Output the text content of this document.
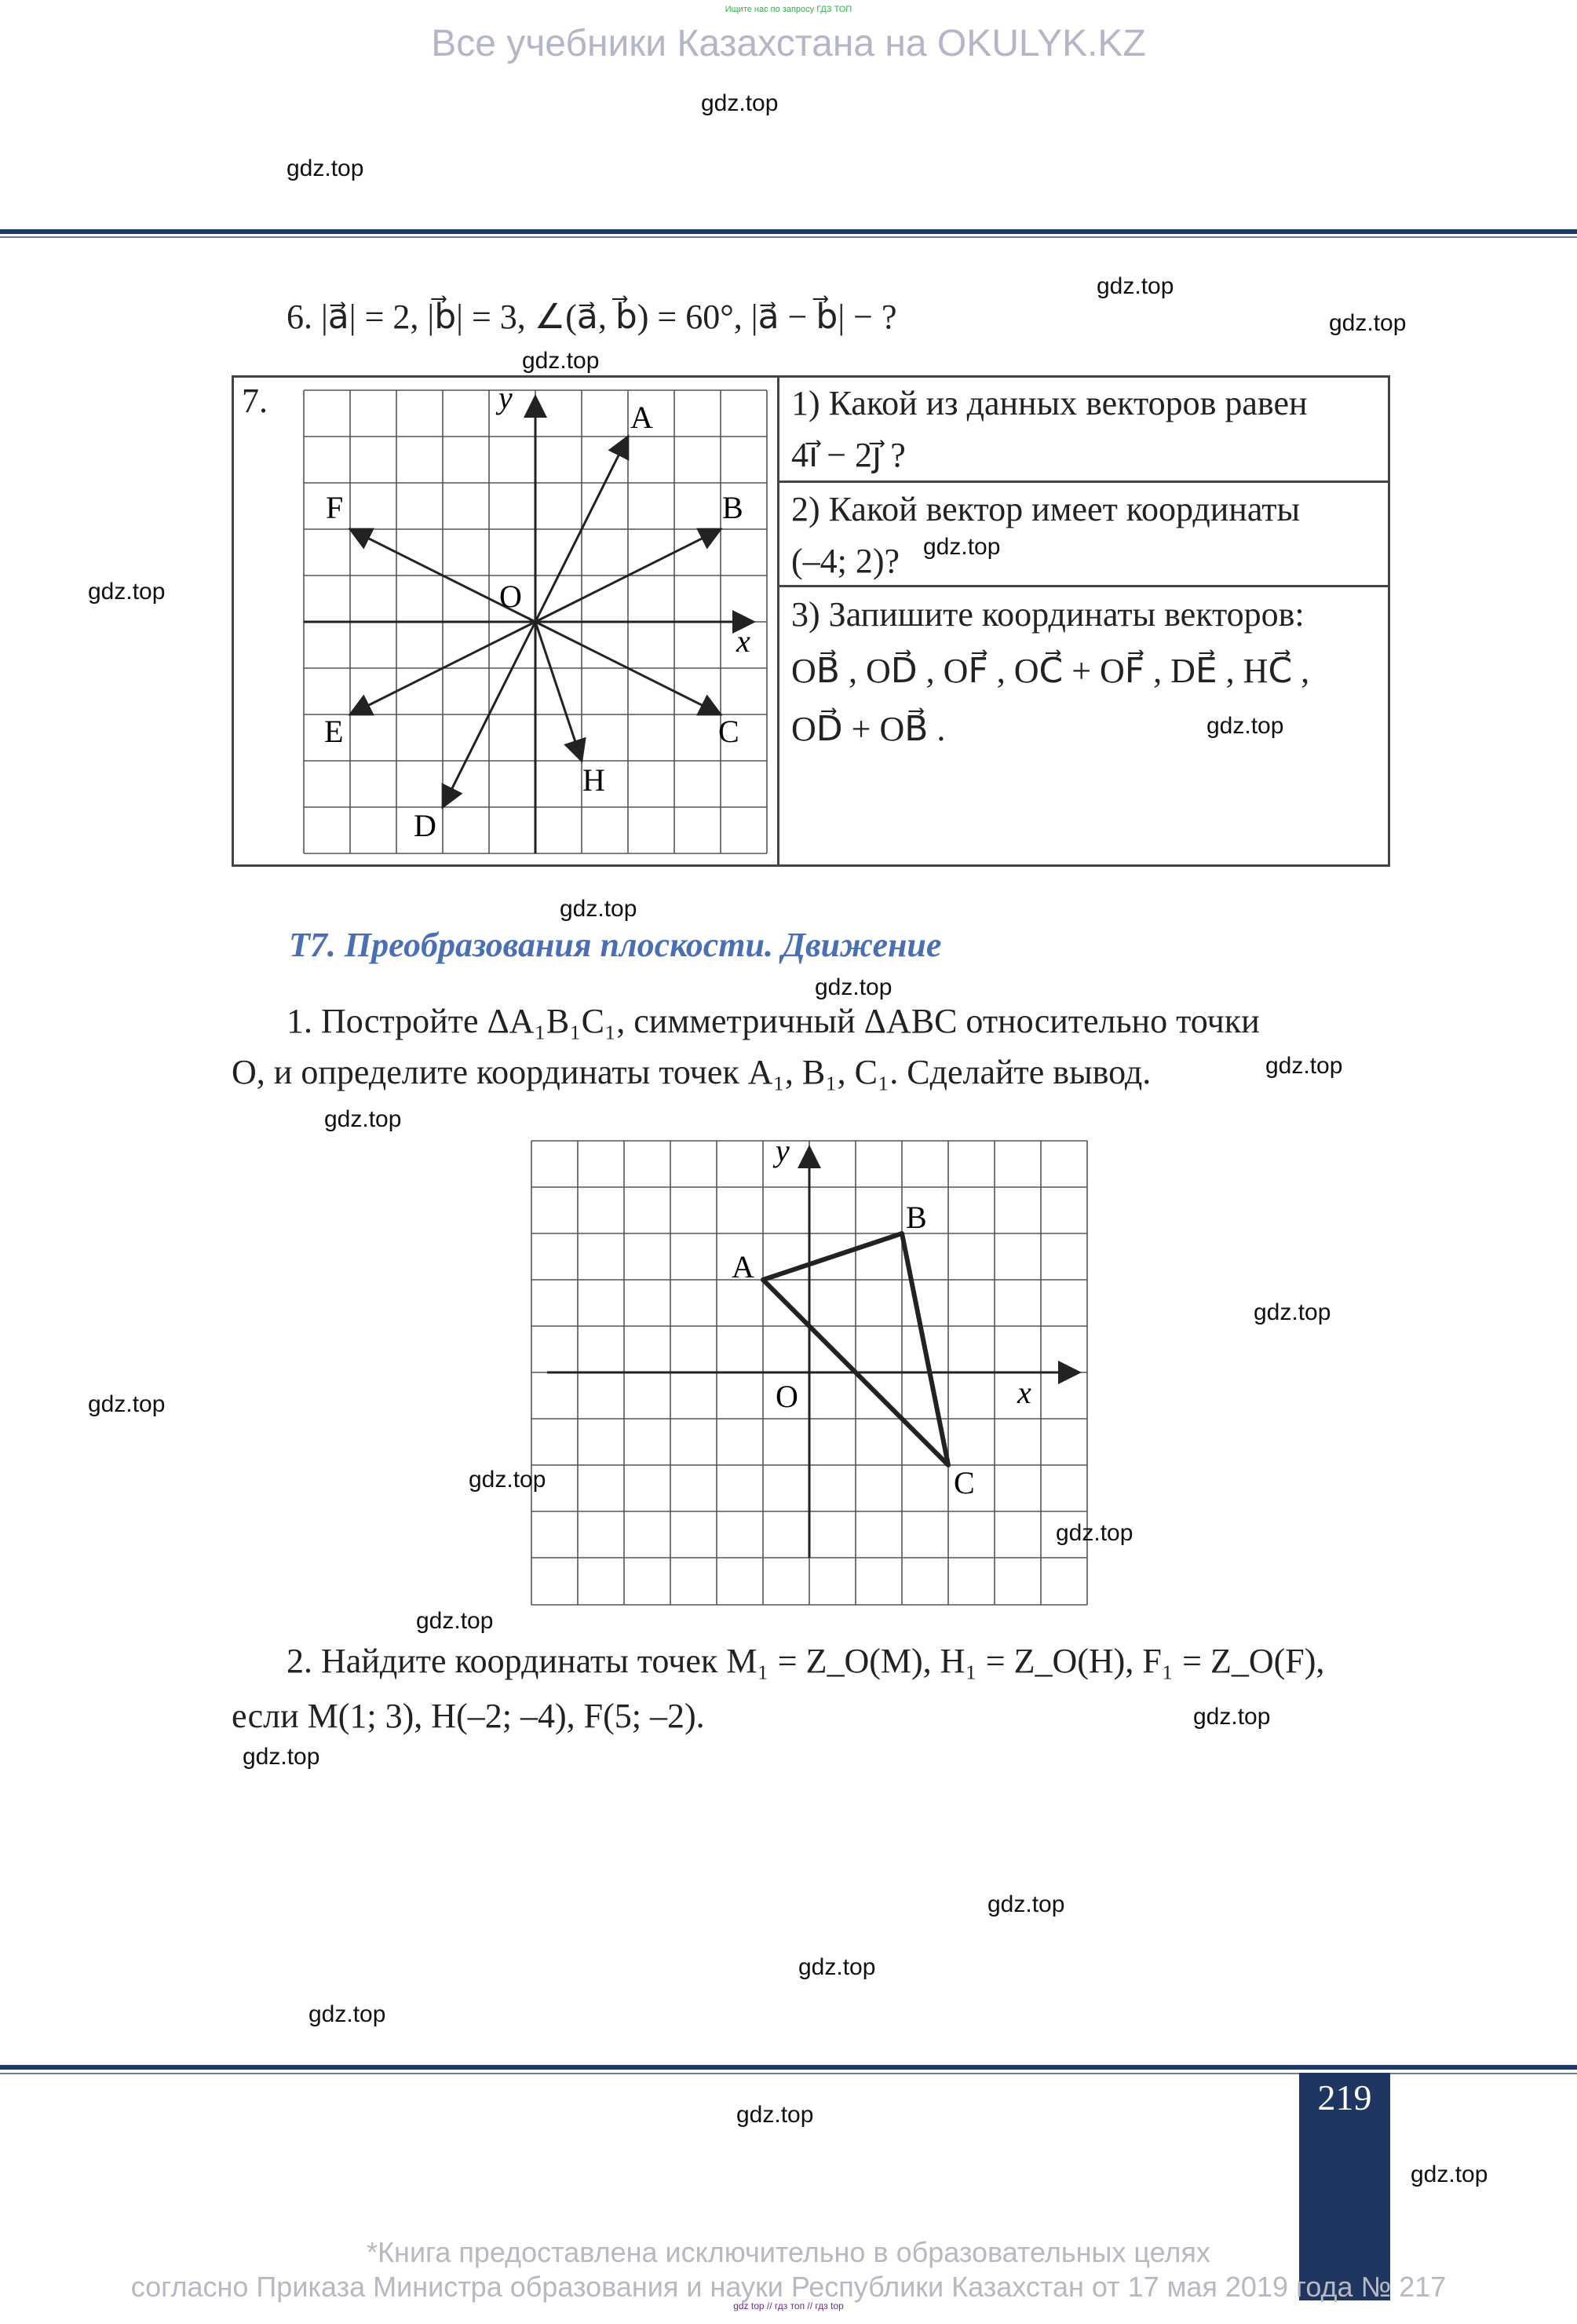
Ищите нас по запросу ГДЗ ТОП
Все учебники Казахстана на OKULYK.KZ
gdz.top
gdz.top
gdz.top
gdz.top
6. |a⃗| = 2, |b⃗| = 3, ∠(a⃗, b⃗) = 60°, |a⃗ − b⃗| − ?
gdz.top
7.	y
x
O
A
B
C
D
E
F
H
1) Какой из данных векторов равен
4i⃗ − 2j⃗ ?
2) Какой вектор имеет координаты
(–4; 2)?
3) Запишите координаты векторов:
OB⃗ , OD⃗ , OF⃗ , OC⃗ + OF⃗ , DE⃗ , HC⃗ ,
OD⃗ + OB⃗ .
gdz.top
gdz.top
gdz.top
gdz.top
Т7. Преобразования плоскости. Движение
gdz.top
1. Постройте ΔA₁B₁C₁, симметричный ΔABC относительно точки
O, и определите координаты точек A₁, B₁, C₁. Сделайте вывод.	gdz.top
gdz.top
y
x
O
A
B
C
gdz.top
gdz.top
gdz.top
gdz.top
gdz.top
2. Найдите координаты точек M₁ = Z_O(M), H₁ = Z_O(H), F₁ = Z_O(F),
если M(1; 3), H(–2; –4), F(5; –2).	gdz.top
gdz.top
gdz.top
gdz.top
gdz.top
219
gdz.top
gdz.top
*Книга предоставлена исключительно в образовательных целях
согласно Приказа Министра образования и науки Республики Казахстан от 17 мая 2019 года № 217
gdz top // гдз топ // гдз top
